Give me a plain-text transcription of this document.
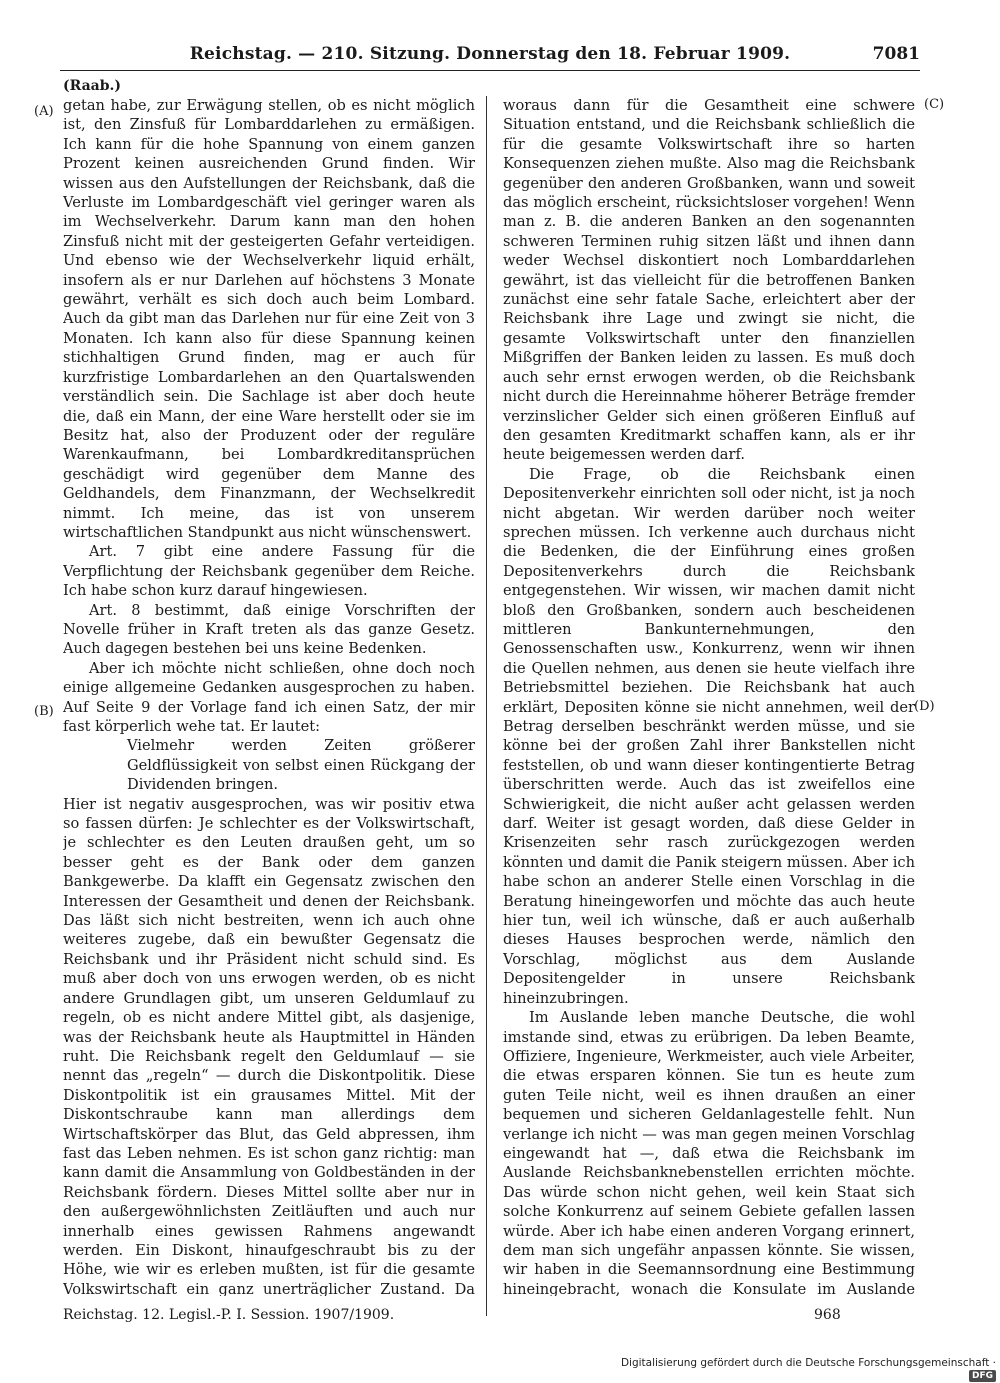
Reichstag. — 210. Sitzung. Donnerstag den 18. Februar 1909.	7081
(Raab.)
(A)
(B)
(C)
(D)

getan habe, zur Erwägung stellen, ob es nicht möglich ist, den Zinsfuß für Lombarddarlehen zu ermäßigen. Ich kann für die hohe Spannung von einem ganzen Prozent keinen ausreichenden Grund finden. Wir wissen aus den Aufstellungen der Reichsbank, daß die Verluste im Lombardgeschäft viel geringer waren als im Wechselverkehr. Darum kann man den hohen Zinsfuß nicht mit der gesteigerten Gefahr verteidigen. Und ebenso wie der Wechselverkehr liquid erhält, insofern als er nur Darlehen auf höchstens 3 Monate gewährt, verhält es sich doch auch beim Lombard. Auch da gibt man das Darlehen nur für eine Zeit von 3 Monaten. Ich kann also für diese Spannung keinen stichhaltigen Grund finden, mag er auch für kurzfristige Lombardarlehen an den Quartalswenden verständlich sein. Die Sachlage ist aber doch heute die, daß ein Mann, der eine Ware herstellt oder sie im Besitz hat, also der Produzent oder der reguläre Warenkaufmann, bei Lombardkreditansprüchen geschädigt wird gegenüber dem Manne des Geldhandels, dem Finanzmann, der Wechselkredit nimmt. Ich meine, das ist von unserem wirtschaftlichen Standpunkt aus nicht wünschenswert.

Art. 7 gibt eine andere Fassung für die Verpflichtung der Reichsbank gegenüber dem Reiche. Ich habe schon kurz darauf hingewiesen.

Art. 8 bestimmt, daß einige Vorschriften der Novelle früher in Kraft treten als das ganze Gesetz. Auch dagegen bestehen bei uns keine Bedenken.

Aber ich möchte nicht schließen, ohne doch noch einige allgemeine Gedanken ausgesprochen zu haben. Auf Seite 9 der Vorlage fand ich einen Satz, der mir fast körperlich wehe tat. Er lautet:

Vielmehr werden Zeiten größerer Geldflüssigkeit von selbst einen Rückgang der Dividenden bringen.

Hier ist negativ ausgesprochen, was wir positiv etwa so fassen dürfen: Je schlechter es der Volkswirtschaft, je schlechter es den Leuten draußen geht, um so besser geht es der Bank oder dem ganzen Bankgewerbe. Da klafft ein Gegensatz zwischen den Interessen der Gesamtheit und denen der Reichsbank. Das läßt sich nicht bestreiten, wenn ich auch ohne weiteres zugebe, daß ein bewußter Gegensatz die Reichsbank und ihr Präsident nicht schuld sind. Es muß aber doch von uns erwogen werden, ob es nicht andere Grundlagen gibt, um unseren Geldumlauf zu regeln, ob es nicht andere Mittel gibt, als dasjenige, was der Reichsbank heute als Hauptmittel in Händen ruht. Die Reichsbank regelt den Geldumlauf — sie nennt das „regeln“ — durch die Diskontpolitik. Diese Diskontpolitik ist ein grausames Mittel. Mit der Diskontschraube kann man allerdings dem Wirtschaftskörper das Blut, das Geld abpressen, ihm fast das Leben nehmen. Es ist schon ganz richtig: man kann damit die Ansammlung von Goldbeständen in der Reichsbank fördern. Dieses Mittel sollte aber nur in den außergewöhnlichsten Zeitläuften und auch nur innerhalb eines gewissen Rahmens angewandt werden. Ein Diskont, hinaufgeschraubt bis zu der Höhe, wie wir es erleben mußten, ist für die gesamte Volkswirtschaft ein ganz unerträglicher Zustand. Da

woraus dann für die Gesamtheit eine schwere Situation entstand, und die Reichsbank schließlich die für die gesamte Volkswirtschaft ihre so harten Konsequenzen ziehen mußte. Also mag die Reichsbank gegenüber den anderen Großbanken, wann und soweit das möglich erscheint, rücksichtsloser vorgehen! Wenn man z. B. die anderen Banken an den sogenannten schweren Terminen ruhig sitzen läßt und ihnen dann weder Wechsel diskontiert noch Lombarddarlehen gewährt, ist das vielleicht für die betroffenen Banken zunächst eine sehr fatale Sache, erleichtert aber der Reichsbank ihre Lage und zwingt sie nicht, die gesamte Volkswirtschaft unter den finanziellen Mißgriffen der Banken leiden zu lassen. Es muß doch auch sehr ernst erwogen werden, ob die Reichsbank nicht durch die Hereinnahme höherer Beträge fremder verzinslicher Gelder sich einen größeren Einfluß auf den gesamten Kreditmarkt schaffen kann, als er ihr heute beigemessen werden darf.

Die Frage, ob die Reichsbank einen Depositenverkehr einrichten soll oder nicht, ist ja noch nicht abgetan. Wir werden darüber noch weiter sprechen müssen. Ich verkenne auch durchaus nicht die Bedenken, die der Einführung eines großen Depositenverkehrs durch die Reichsbank entgegenstehen. Wir wissen, wir machen damit nicht bloß den Großbanken, sondern auch bescheidenen mittleren Bankunternehmungen, den Genossenschaften usw., Konkurrenz, wenn wir ihnen die Quellen nehmen, aus denen sie heute vielfach ihre Betriebsmittel beziehen. Die Reichsbank hat auch erklärt, Depositen könne sie nicht annehmen, weil der Betrag derselben beschränkt werden müsse, und sie könne bei der großen Zahl ihrer Bankstellen nicht feststellen, ob und wann dieser kontingentierte Betrag überschritten werde. Auch das ist zweifellos eine Schwierigkeit, die nicht außer acht gelassen werden darf. Weiter ist gesagt worden, daß diese Gelder in Krisenzeiten sehr rasch zurückgezogen werden könnten und damit die Panik steigern müssen. Aber ich habe schon an anderer Stelle einen Vorschlag in die Beratung hineingeworfen und möchte das auch heute hier tun, weil ich wünsche, daß er auch außerhalb dieses Hauses besprochen werde, nämlich den Vorschlag, möglichst aus dem Auslande Depositengelder in unsere Reichsbank hineinzubringen.

Im Auslande leben manche Deutsche, die wohl imstande sind, etwas zu erübrigen. Da leben Beamte, Offiziere, Ingenieure, Werkmeister, auch viele Arbeiter, die etwas ersparen können. Sie tun es heute zum guten Teile nicht, weil es ihnen draußen an einer bequemen und sicheren Geldanlagestelle fehlt. Nun verlange ich nicht — was man gegen meinen Vorschlag eingewandt hat —, daß etwa die Reichsbank im Auslande Reichsbanknebenstellen errichten möchte. Das würde schon nicht gehen, weil kein Staat sich solche Konkurrenz auf seinem Gebiete gefallen lassen würde. Aber ich habe einen anderen Vorgang erinnert, dem man sich ungefähr anpassen könnte. Sie wissen, wir haben in die Seemannsordnung eine Bestimmung hineingebracht, wonach die Konsulate im Auslande

Reichstag. 12. Legisl.-P. I. Session. 1907/1909.	968
Digitalisierung gefördert durch die Deutsche Forschungsgemeinschaft ·DFG
